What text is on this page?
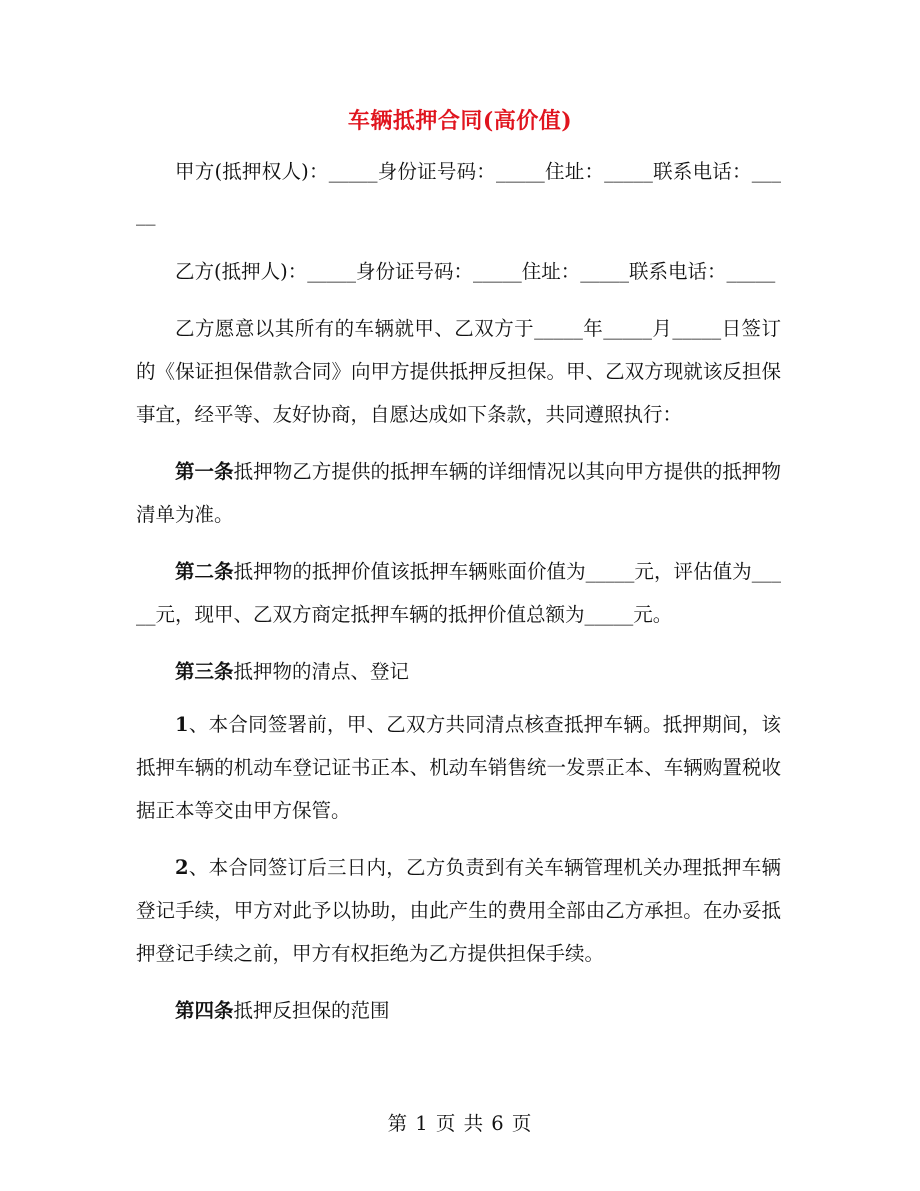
车辆抵押合同(高价值)

甲方(抵押权人)：_____身份证号码：_____住址：_____联系电话：_____

乙方(抵押人)：_____身份证号码：_____住址：_____联系电话：_____

乙方愿意以其所有的车辆就甲、乙双方于_____年_____月_____日签订的《保证担保借款合同》向甲方提供抵押反担保。甲、乙双方现就该反担保事宜，经平等、友好协商，自愿达成如下条款，共同遵照执行：

第一条抵押物乙方提供的抵押车辆的详细情况以其向甲方提供的抵押物清单为准。

第二条抵押物的抵押价值该抵押车辆账面价值为_____元，评估值为_____元，现甲、乙双方商定抵押车辆的抵押价值总额为_____元。

第三条抵押物的清点、登记

1、本合同签署前，甲、乙双方共同清点核查抵押车辆。抵押期间，该抵押车辆的机动车登记证书正本、机动车销售统一发票正本、车辆购置税收据正本等交由甲方保管。

2、本合同签订后三日内，乙方负责到有关车辆管理机关办理抵押车辆登记手续，甲方对此予以协助，由此产生的费用全部由乙方承担。在办妥抵押登记手续之前，甲方有权拒绝为乙方提供担保手续。

第四条抵押反担保的范围

第 1 页 共 6 页
